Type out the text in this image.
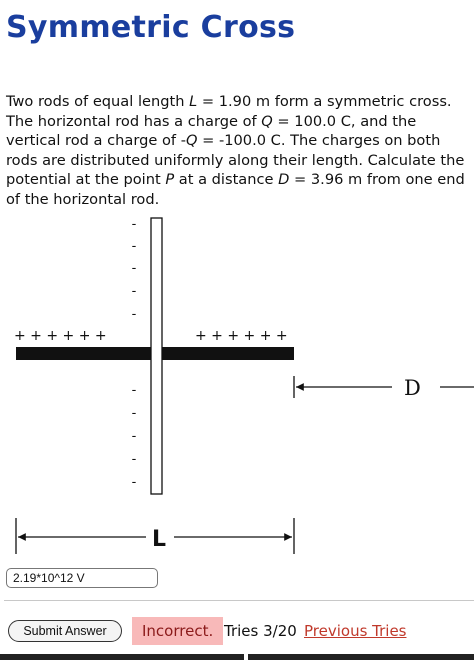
Symmetric Cross
Two rods of equal length L = 1.90 m form a symmetric cross. The horizontal rod has a charge of Q = 100.0 C, and the vertical rod a charge of -Q = -100.0 C. The charges on both rods are distributed uniformly along their length. Calculate the potential at the point P at a distance D = 3.96 m from one end of the horizontal rod.
+ + + + + +	+ + + + + +
-
-
-
-
-
-
-
-
-
-
D
L
2.19*10^12 V
Submit Answer	Incorrect. Tries 3/20 Previous Tries
